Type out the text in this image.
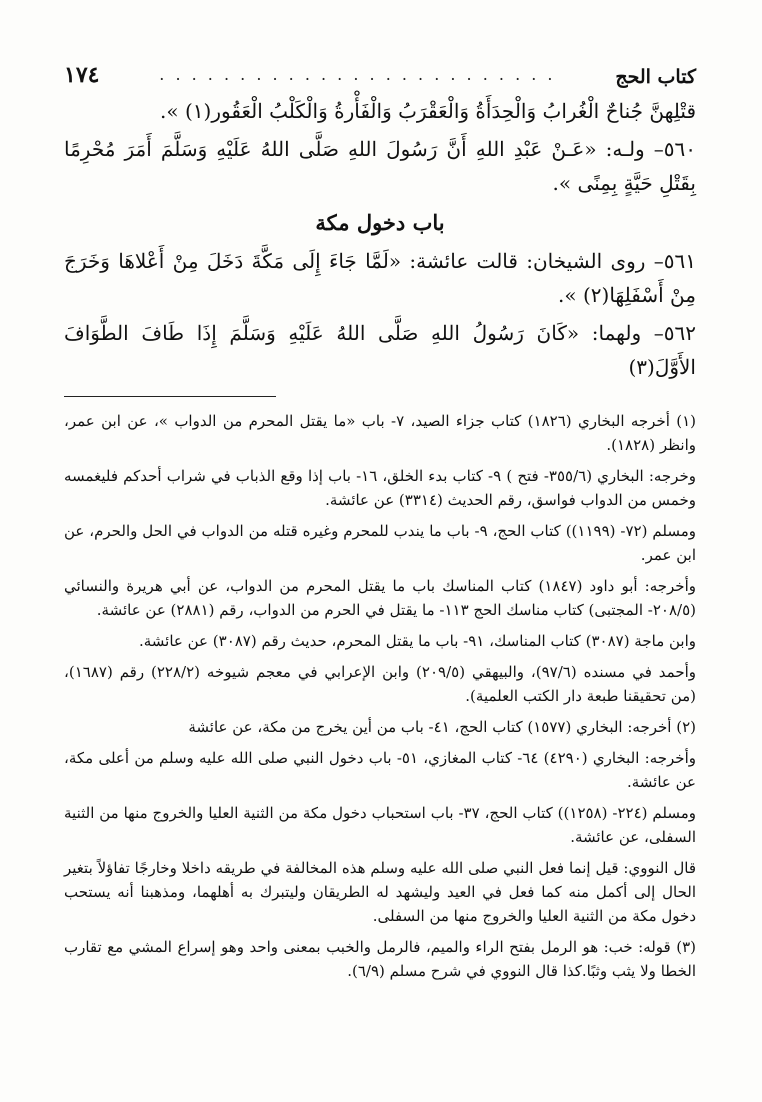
كتاب الحج
. . . . . . . . . . . . . . . . . . . . . . . . .
١٧٤

قتْلِهنَّ جُناحٌ الْغُرابُ وَالْحِدَأَةُ وَالْعَقْرَبُ وَالْفَأْرةُ وَالْكَلْبُ الْعَقُور(١) ».

٥٦٠– ولـه: «عَـنْ عَبْدِ اللهِ أَنَّ رَسُولَ اللهِ صَلَّى اللهُ عَلَيْهِ وَسَلَّمَ أَمَرَ مُحْرِمًا بِقَتْلِ حَيَّةٍ بِمِنًى ».

باب دخول مكة

٥٦١– روى الشيخان: قالت عائشة: «لَمَّا جَاءَ إِلَى مَكَّةَ دَخَلَ مِنْ أَعْلاهَا وَخَرَجَ مِنْ أَسْفَلِهَا(٢) ».

٥٦٢– ولهما: «كَانَ رَسُولُ اللهِ صَلَّى اللهُ عَلَيْهِ وَسَلَّمَ إِذَا طَافَ الطَّوَافَ الأَوَّلَ(٣)

(١) أخرجه البخاري (١٨٢٦) كتاب جزاء الصيد، ٧- باب «ما يقتل المحرم من الدواب »، عن ابن عمر، وانظر (١٨٢٨).

وخرجه: البخاري (٣٥٥/٦- فتح ) ٩- كتاب بدء الخلق، ١٦- باب إذا وقع الذباب في شراب أحدكم فليغمسه وخمس من الدواب فواسق، رقم الحديث (٣٣١٤) عن عائشة.

ومسلم (٧٢- (١١٩٩)) كتاب الحج، ٩- باب ما يندب للمحرم وغيره قتله من الدواب في الحل والحرم، عن ابن عمر.

وأخرجه: أبو داود (١٨٤٧) كتاب المناسك باب ما يقتل المحرم من الدواب، عن أبي هريرة والنسائي (٢٠٨/٥- المجتبى) كتاب مناسك الحج ١١٣- ما يقتل في الحرم من الدواب، رقم (٢٨٨١) عن عائشة.

وابن ماجة (٣٠٨٧) كتاب المناسك، ٩١- باب ما يقتل المحرم، حديث رقم (٣٠٨٧) عن عائشة.

وأحمد في مسنده (٩٧/٦)، والبيهقي (٢٠٩/٥) وابن الإعرابي في معجم شيوخه (٢٢٨/٢) رقم (١٦٨٧)، (من تحقيقنا طبعة دار الكتب العلمية).

(٢) أخرجه: البخاري (١٥٧٧) كتاب الحج، ٤١- باب من أين يخرج من مكة، عن عائشة

وأخرجه: البخاري (٤٢٩٠) ٦٤- كتاب المغازي، ٥١- باب دخول النبي صلى الله عليه وسلم من أعلى مكة، عن عائشة.

ومسلم (٢٢٤- (١٢٥٨)) كتاب الحج، ٣٧- باب استحباب دخول مكة من الثنية العليا والخروج منها من الثنية السفلى، عن عائشة.

قال النووي: قيل إنما فعل النبي صلى الله عليه وسلم هذه المخالفة في طريقه داخلا وخارجًا تفاؤلاً بتغير الحال إلى أكمل منه كما فعل في العيد وليشهد له الطريقان وليتبرك به أهلهما، ومذهبنا أنه يستحب دخول مكة من الثنية العليا والخروج منها من السفلى.

(٣) قوله: خب: هو الرمل بفتح الراء والميم، فالرمل والخبب بمعنى واحد وهو إسراع المشي مع تقارب الخطا ولا يثب وثبًا.كذا قال النووي في شرح مسلم (٦/٩).
